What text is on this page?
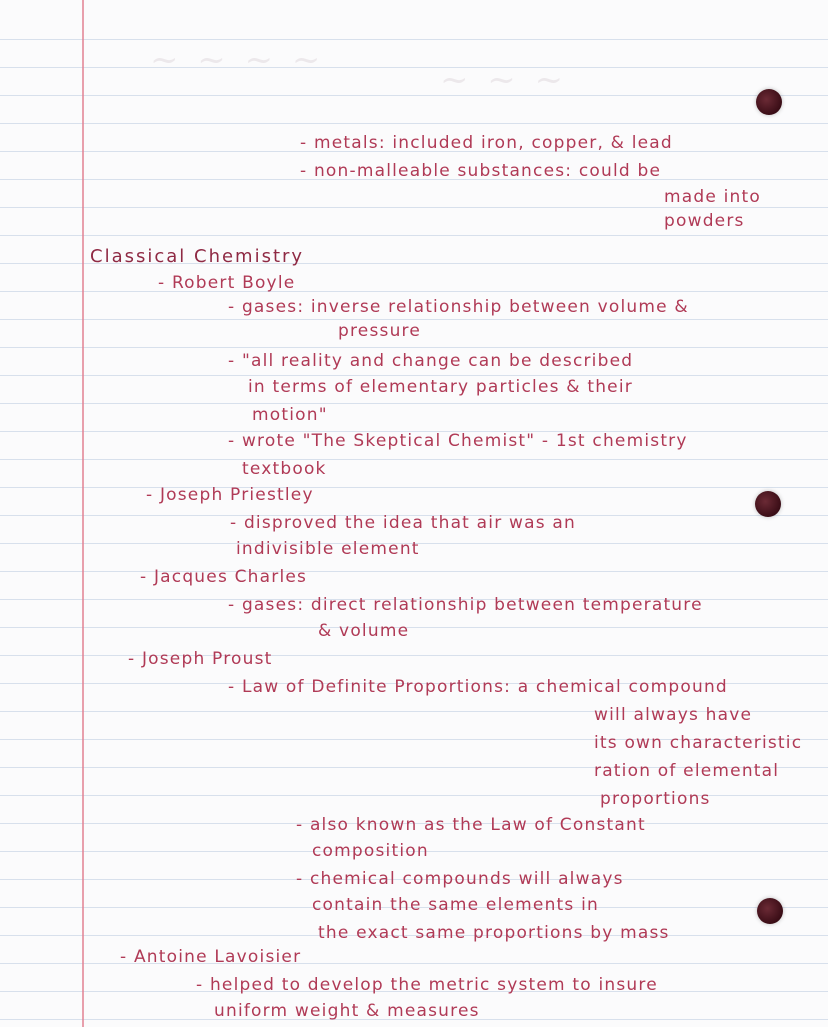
~ ~ ~ ~	~ ~ ~

- metals: included iron, copper, & lead

- non-malleable substances: could be

made into

powders

Classical Chemistry

- Robert Boyle

- gases: inverse relationship between volume &

pressure

- "all reality and change can be described

in terms of elementary particles & their

motion"

- wrote "The Skeptical Chemist" - 1st chemistry

textbook

- Joseph Priestley

- disproved the idea that air was an

indivisible element

- Jacques Charles

- gases: direct relationship between temperature

& volume

- Joseph Proust

- Law of Definite Proportions: a chemical compound

will always have

its own characteristic

ration of elemental

proportions

- also known as the Law of Constant

composition

- chemical compounds will always

contain the same elements in

the exact same proportions by mass

- Antoine Lavoisier

- helped to develop the metric system to insure

uniform weight & measures
